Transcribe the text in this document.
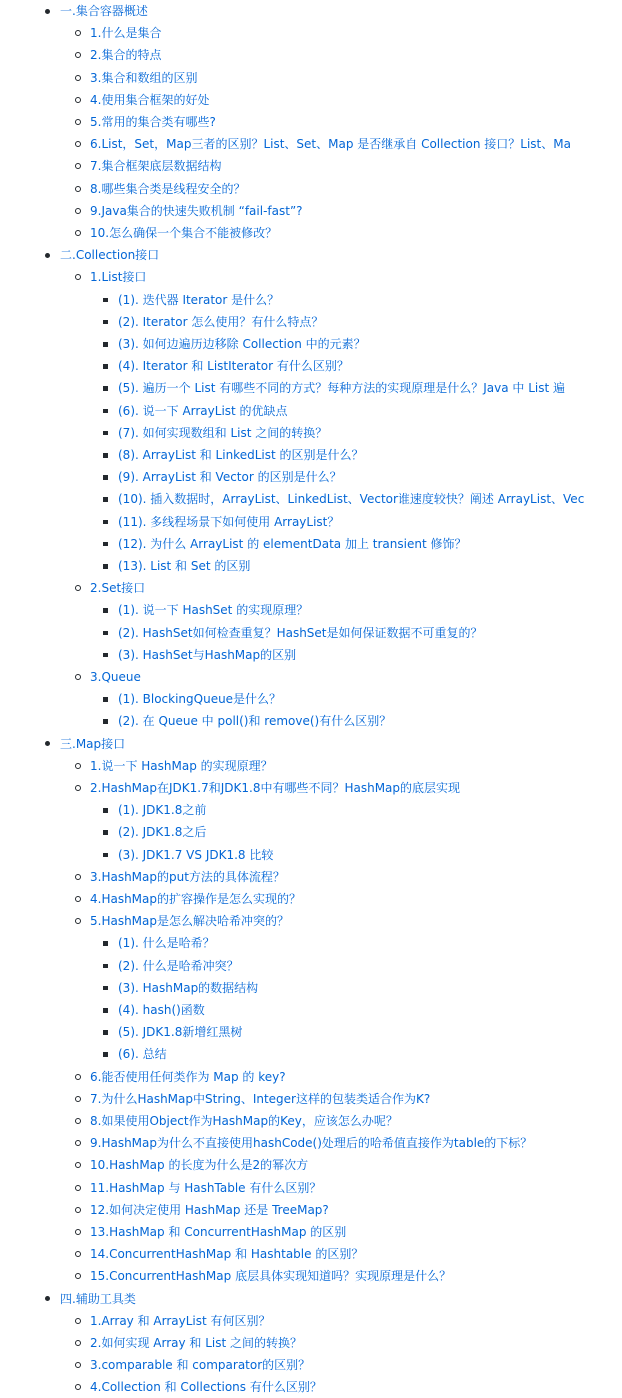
一.集合容器概述
1.什么是集合
2.集合的特点
3.集合和数组的区别
4.使用集合框架的好处
5.常用的集合类有哪些?
6.List，Set，Map三者的区别？List、Set、Map 是否继承自 Collection 接口？List、Ma
7.集合框架底层数据结构
8.哪些集合类是线程安全的？
9.Java集合的快速失败机制 “fail-fast”?
10.怎么确保一个集合不能被修改？
二.Collection接口
1.List接口
(1). 迭代器 Iterator 是什么？
(2). Iterator 怎么使用？有什么特点？
(3). 如何边遍历边移除 Collection 中的元素？
(4). Iterator 和 ListIterator 有什么区别？
(5). 遍历一个 List 有哪些不同的方式？每种方法的实现原理是什么？Java 中 List 遍
(6). 说一下 ArrayList 的优缺点
(7). 如何实现数组和 List 之间的转换？
(8). ArrayList 和 LinkedList 的区别是什么？
(9). ArrayList 和 Vector 的区别是什么？
(10). 插入数据时，ArrayList、LinkedList、Vector谁速度较快？阐述 ArrayList、Vec
(11). 多线程场景下如何使用 ArrayList？
(12). 为什么 ArrayList 的 elementData 加上 transient 修饰？
(13). List 和 Set 的区别
2.Set接口
(1). 说一下 HashSet 的实现原理？
(2). HashSet如何检查重复？HashSet是如何保证数据不可重复的？
(3). HashSet与HashMap的区别
3.Queue
(1). BlockingQueue是什么？
(2). 在 Queue 中 poll()和 remove()有什么区别？
三.Map接口
1.说一下 HashMap 的实现原理？
2.HashMap在JDK1.7和JDK1.8中有哪些不同？HashMap的底层实现
(1). JDK1.8之前
(2). JDK1.8之后
(3). JDK1.7 VS JDK1.8 比较
3.HashMap的put方法的具体流程？
4.HashMap的扩容操作是怎么实现的？
5.HashMap是怎么解决哈希冲突的？
(1). 什么是哈希？
(2). 什么是哈希冲突？
(3). HashMap的数据结构
(4). hash()函数
(5). JDK1.8新增红黑树
(6). 总结
6.能否使用任何类作为 Map 的 key?
7.为什么HashMap中String、Integer这样的包装类适合作为K?
8.如果使用Object作为HashMap的Key，应该怎么办呢？
9.HashMap为什么不直接使用hashCode()处理后的哈希值直接作为table的下标？
10.HashMap 的长度为什么是2的幂次方
11.HashMap 与 HashTable 有什么区别？
12.如何决定使用 HashMap 还是 TreeMap?
13.HashMap 和 ConcurrentHashMap 的区别
14.ConcurrentHashMap 和 Hashtable 的区别？
15.ConcurrentHashMap 底层具体实现知道吗？实现原理是什么？
四.辅助工具类
1.Array 和 ArrayList 有何区别？
2.如何实现 Array 和 List 之间的转换？
3.comparable 和 comparator的区别？
4.Collection 和 Collections 有什么区别？
